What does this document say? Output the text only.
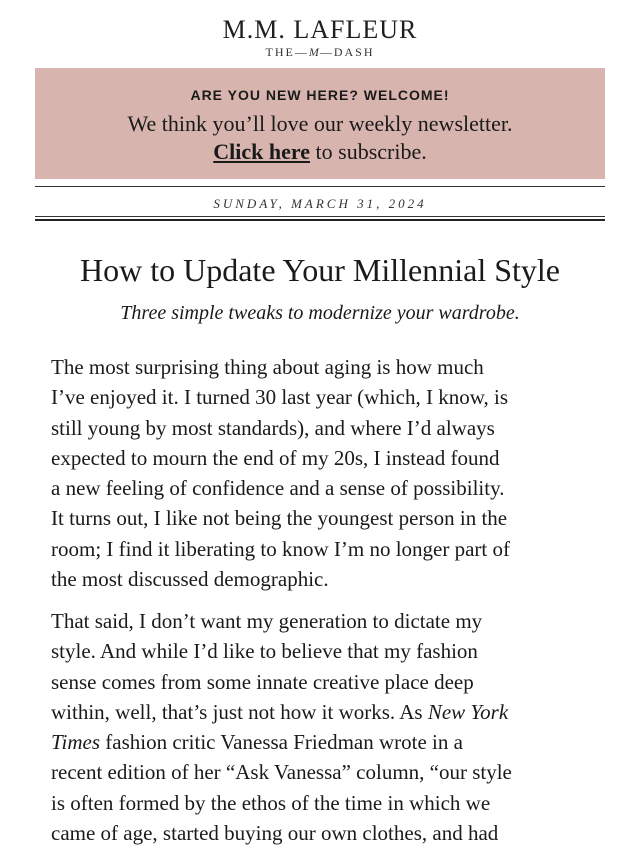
M.M. LAFLEUR
THE—M—DASH
ARE YOU NEW HERE? WELCOME!
We think you’ll love our weekly newsletter.
Click here to subscribe.
SUNDAY, MARCH 31, 2024
How to Update Your Millennial Style
Three simple tweaks to modernize your wardrobe.
The most surprising thing about aging is how much
I’ve enjoyed it. I turned 30 last year (which, I know, is
still young by most standards), and where I’d always
expected to mourn the end of my 20s, I instead found
a new feeling of confidence and a sense of possibility.
It turns out, I like not being the youngest person in the
room; I find it liberating to know I’m no longer part of
the most discussed demographic.
That said, I don’t want my generation to dictate my
style. And while I’d like to believe that my fashion
sense comes from some innate creative place deep
within, well, that’s just not how it works. As New York
Times fashion critic Vanessa Friedman wrote in a
recent edition of her “Ask Vanessa” column, “our style
is often formed by the ethos of the time in which we
came of age, started buying our own clothes, and had
